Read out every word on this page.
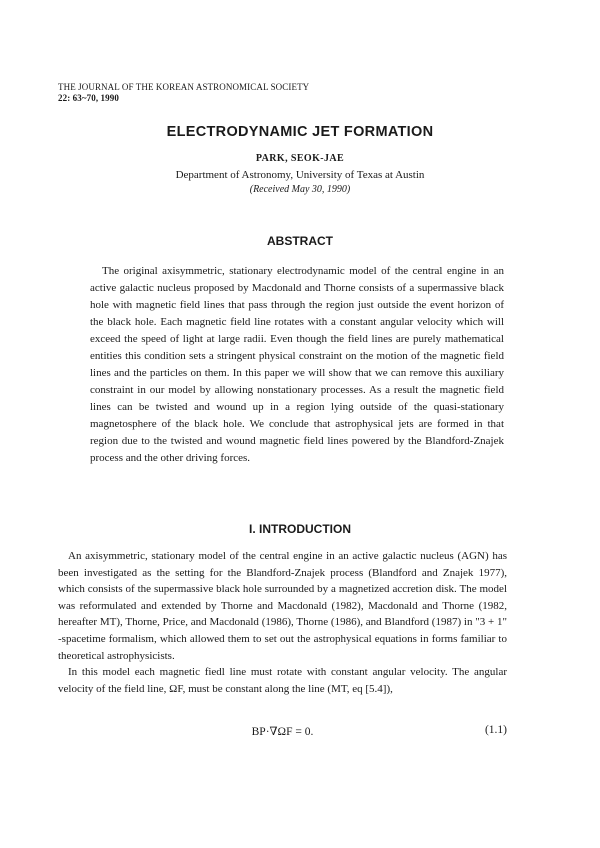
THE JOURNAL OF THE KOREAN ASTRONOMICAL SOCIETY
22: 63~70, 1990
ELECTRODYNAMIC JET FORMATION
PARK, SEOK-JAE
Department of Astronomy, University of Texas at Austin
(Received May 30, 1990)
ABSTRACT
The original axisymmetric, stationary electrodynamic model of the central engine in an active galactic nucleus proposed by Macdonald and Thorne consists of a supermassive black hole with magnetic field lines that pass through the region just outside the event horizon of the black hole. Each magnetic field line rotates with a constant angular velocity which will exceed the speed of light at large radii. Even though the field lines are purely mathematical entities this condition sets a stringent physical constraint on the motion of the magnetic field lines and the particles on them. In this paper we will show that we can remove this auxiliary constraint in our model by allowing nonstationary processes. As a result the magnetic field lines can be twisted and wound up in a region lying outside of the quasi-stationary magnetosphere of the black hole. We conclude that astrophysical jets are formed in that region due to the twisted and wound magnetic field lines powered by the Blandford-Znajek process and the other driving forces.
I. INTRODUCTION

An axisymmetric, stationary model of the central engine in an active galactic nucleus (AGN) has been investigated as the setting for the Blandford-Znajek process (Blandford and Znajek 1977), which consists of the supermassive black hole surrounded by a magnetized accretion disk. The model was reformulated and extended by Thorne and Macdonald (1982), Macdonald and Thorne (1982, hereafter MT), Thorne, Price, and Macdonald (1986), Thorne (1986), and Blandford (1987) in "3 + 1" -spacetime formalism, which allowed them to set out the astrophysical equations in forms familiar to theoretical astrophysicists.

In this model each magnetic fiedl line must rotate with constant angular velocity. The angular velocity of the field line, ΩF, must be constant along the line (MT, eq [5.4]),

BP·∇ΩF = 0.	(1.1)
